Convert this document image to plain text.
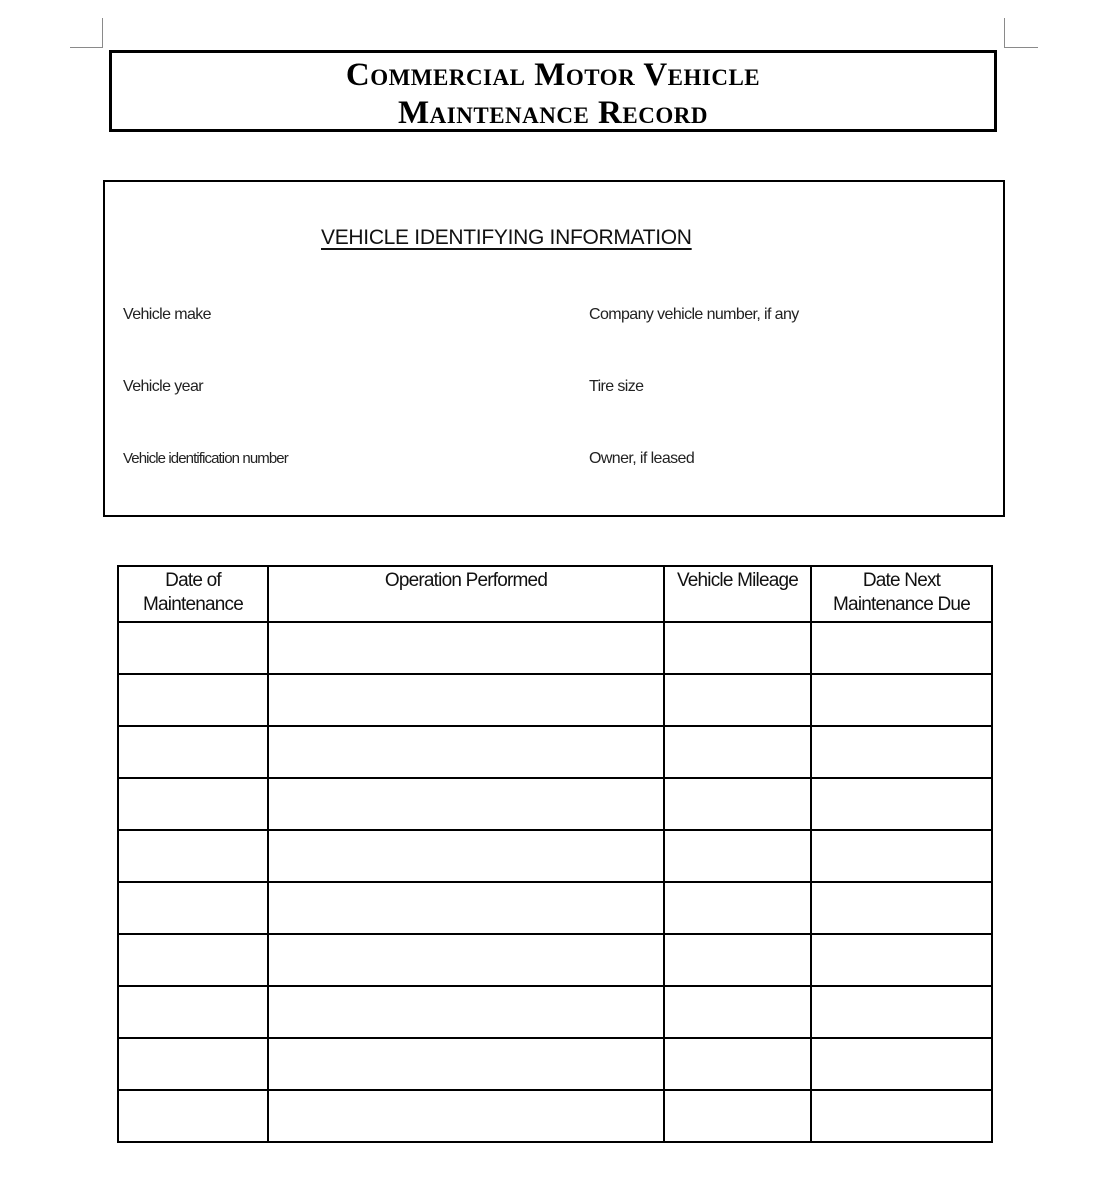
Commercial Motor Vehicle
Maintenance Record
VEHICLE IDENTIFYING INFORMATION
Vehicle make	Company vehicle number, if any
Vehicle year	Tire size
Vehicle identification number	Owner, if leased
Date of Maintenance	Operation Performed	Vehicle Mileage	Date Next Maintenance Due
